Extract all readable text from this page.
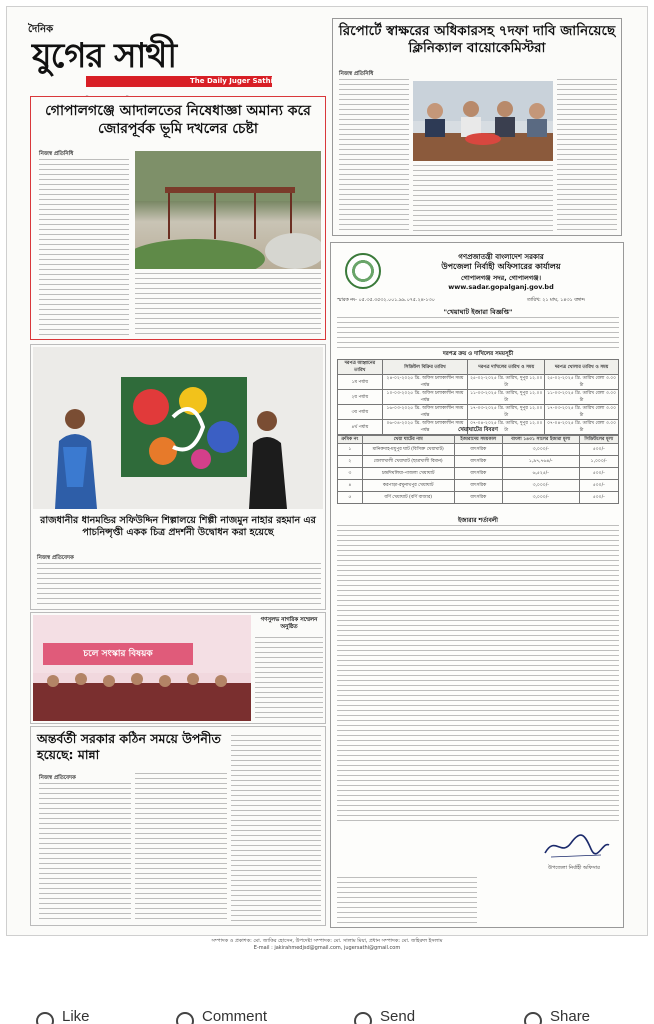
দৈনিক
যুগের সাথী
The Daily Juger Sathi
গোপালগঞ্জে আদালতের নিষেধাজ্ঞা অমান্য করে জোরপূর্বক ভূমি দখলের চেষ্টা
নিজস্ব প্রতিনিধি
রিপোর্টে স্বাক্ষরের অধিকারসহ ৭দফা দাবি জানিয়েছে ক্লিনিক্যাল বায়োকেমিস্টরা
নিজস্ব প্রতিনিধি
রাজধানীর ধানমন্ডির সফিউদ্দিন শিল্পালয়ে শিল্পী নাজমুন নাহার রহমান এর পাচনিন্সৃপ্তী একক চিত্র প্রদর্শনী উদ্বোধন করা হয়েছে
নিজস্ব প্রতিবেদক
চলে সংস্কার বিষয়ক
গণসুলভ নাগরিক সম্মেলন অনুষ্ঠিত
অন্তর্বর্তী সরকার কঠিন সময়ে উপনীত হয়েছে: মান্না
নিজস্ব প্রতিবেদক
গণপ্রজাতন্ত্রী বাংলাদেশ সরকার
উপজেলা নির্বাহী অফিসারের কার্যালয়
গোপালগঞ্জ সদর, গোপালগঞ্জ।
www.sadar.gopalganj.gov.bd
স্মারক নং- ০৫.৩৫.৩৫৩২.০০১.৯৯.০৭৫.২৪-১৩০	তারিখ: ২১ মাঘ, ১৪৩১ বঙ্গাব্দ
"খেয়াঘাট ইজারা বিজ্ঞপ্তি"
দরপত্র ক্রয় ও দাখিলের সময়সূচী
দরপত্র আহ্বানের তারিখ	সিডিউল বিক্রির তারিখ	দরপত্র দাখিলের তারিখ ও সময়	দরপত্র খোলার তারিখ ও সময়
১ম পর্যায়	২৪-০২-২০২৫ খ্রি. অফিস চলাকালীন সময় পর্যন্ত	২৫-০২-২০২৫ খ্রি. তারিখ, দুপুর ১২.০০ টা	২৫-০২-২০২৫ খ্রি. তারিখ বেলা ৩.০০ টা
২য় পর্যায়	১০-০৩-২০২৫ খ্রি. অফিস চলাকালীন সময় পর্যন্ত	১১-০৩-২০২৫ খ্রি. তারিখ, দুপুর ১২.০০ টা	১১-০৩-২০২৫ খ্রি. তারিখ বেলা ৩.০০ টা
৩য় পর্যায়	১৬-০৩-২০২৫ খ্রি. অফিস চলাকালীন সময় পর্যন্ত	১৭-০৩-২০২৫ খ্রি. তারিখ, দুপুর ১২.০০ টা	১৭-০৩-২০২৫ খ্রি. তারিখ বেলা ৩.০০ টা
৪র্থ পর্যায়	০৬-০৪-২০২৫ খ্রি. অফিস চলাকালীন সময় পর্যন্ত	০৭-০৪-২০২৫ খ্রি. তারিখ, দুপুর ১২.০০ টা	০৭-০৪-২০২৫ খ্রি. তারিখ বেলা ৩.০০ টা
খেয়াঘাটের বিবরণ
ক্রমিক নং	খেয়া ঘাটের নাম	ইজারাদেয় সময়কাল	বাংলা ১৪৩১ সালের ইজারা মূল্য	সিডিউলের মূল্য
১	মানিকদাহ-মধুপুর ঘাট (বিসিক্ত খেয়াঘাট)	বাৎসরিক	৩,০০০/-	৫০০/-
২	জেলাখালী খেয়াঘাট (ছাত্রখালী বিমান)	বাৎসরিক	১,৯৭,৭৬৪/-	১,০০০/-
৩	চন্দ্রদিঘলিয়া-পাজলা খেয়াঘাট	বাৎসরিক	৬,৫২৫/-	৫০০/-
৪	করপাড়া-রঘুনাথপুর খেয়াঘাট	বাৎসরিক	৩,০০০/-	৫০০/-
৫	বর্ণি খেয়াঘাট (বর্ণি বাজার)	বাৎসরিক	৩,০০০/-	৫০০/-
ইজারার শর্তাবলী
উপজেলা নির্বাহী অফিসার
সম্পাদক ও প্রকাশক: মো. জাকির হোসেন, উপদেষ্টা সম্পাদক: মো. সালাম মিয়া, প্রধান সম্পাদক: মো. জহিরুল ইসলাম
E-mail : jakirahmedjsd@gmail.com, jugersathi@gmail.com
Like	Comment	Send	Share
